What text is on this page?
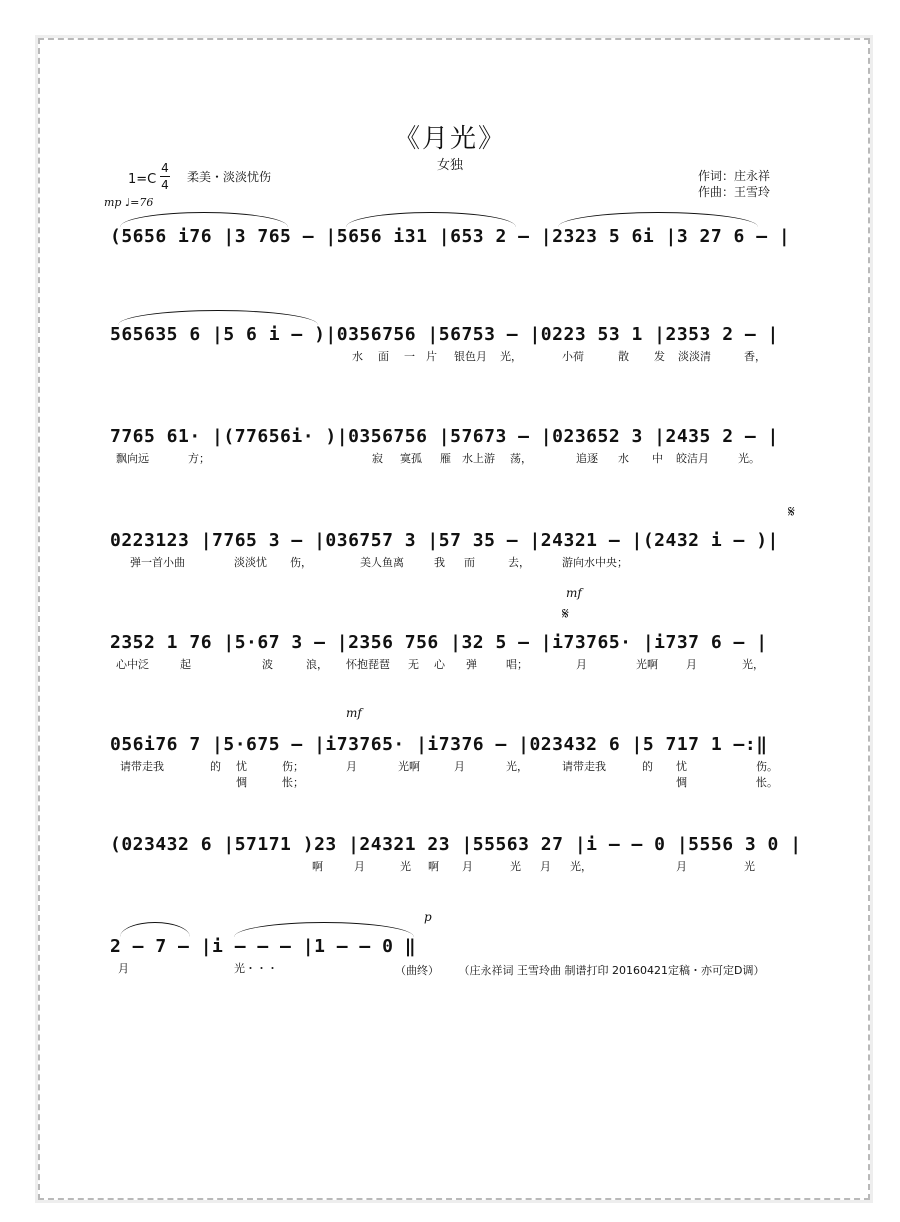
《月光》
女独
1=C
4
4
柔美・淡淡忧伤
mp ♩=76
作词：庄永祥
作曲：王雪玲
(5656 i76 |3 765 – |5656 i31 |653 2 – |2323 5 6i |3 27 6 – |
565635 6 |5 6 i – )|0356756 |56753 – |0223 53 1 |2353 2 – |
水 面 一 片 银色月 光，	小荷	散 发 淡淡清	香，
7765 61· |(77656i· )|0356756 |57673 – |023652 3 |2435 2 – |
飘向远	方；	寂 寞孤 雁 水上游 荡，	追逐 水 中 皎洁月	光。
0223123 |7765 3 – |036757 3 |57 35 – |24321 – |(2432 i – )|
弹一首小曲	淡淡忧 伤，	美人鱼离	我 而	去，	游向水中央；
2352 1 76 |5·67 3 – |2356 756 |32 5 – |i73765· |i737 6 – |
心中泛	起	波	浪， 怀抱琵琶 无 心 弹	唱；	月	光啊	月	光，
056i76 7 |5·675 – |i73765· |i7376 – |023432 6 |5 717 1 –:‖
请带走我	的 忧	伤；	月	光啊	月	光，	请带走我	的 忧	伤。
惆	怅；	惆	怅。
(023432 6 |57171 )23 |24321 23 |55563 27 |i – – 0 |5556 3 0 |
啊	月	光 啊 月	光 月 光，	月	光
2 – 7 – |i – – – |1 – – 0 ‖
月	光・・・
mf
mf
p
𝄋
𝄋
（曲终） （庄永祥词 王雪玲曲 制谱打印 20160421定稿・亦可定D调）
